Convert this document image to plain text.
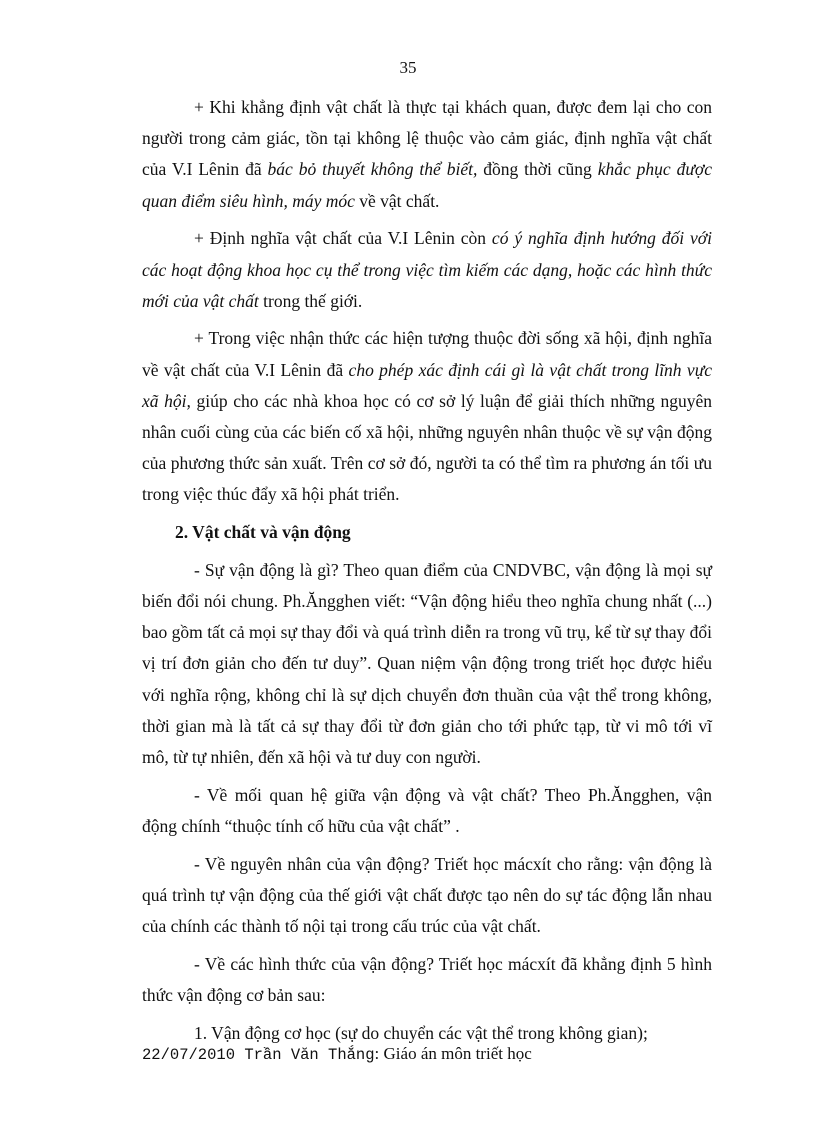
35

+ Khi khẳng định vật chất là thực tại khách quan, được đem lại cho con người trong cảm giác, tồn tại không lệ thuộc vào cảm giác, định nghĩa vật chất của V.I Lênin đã bác bỏ thuyết không thể biết, đồng thời cũng khắc phục được quan điểm siêu hình, máy móc về vật chất.

+ Định nghĩa vật chất của V.I Lênin còn có ý nghĩa định hướng đối với các hoạt động khoa học cụ thể trong việc tìm kiếm các dạng, hoặc các hình thức mới của vật chất trong thế giới.

+ Trong việc nhận thức các hiện tượng thuộc đời sống xã hội, định nghĩa về vật chất của V.I Lênin đã cho phép xác định cái gì là vật chất trong lĩnh vực xã hội, giúp cho các nhà khoa học có cơ sở lý luận để giải thích những nguyên nhân cuối cùng của các biến cố xã hội, những nguyên nhân thuộc về sự vận động của phương thức sản xuất. Trên cơ sở đó, người ta có thể tìm ra phương án tối ưu trong việc thúc đẩy xã hội phát triển.

2. Vật chất và vận động

- Sự vận động là gì? Theo quan điểm của CNDVBC, vận động là mọi sự biến đổi nói chung. Ph.Ăngghen viết: “Vận động hiểu theo nghĩa chung nhất (...) bao gồm tất cả mọi sự thay đổi và quá trình diễn ra trong vũ trụ, kể từ sự thay đổi vị trí đơn giản cho đến tư duy”. Quan niệm vận động trong triết học được hiểu với nghĩa rộng, không chỉ là sự dịch chuyển đơn thuần của vật thể trong không, thời gian mà là tất cả sự thay đổi từ đơn giản cho tới phức tạp, từ vi mô tới vĩ mô, từ tự nhiên, đến xã hội và tư duy con người.

- Về mối quan hệ giữa vận động và vật chất? Theo Ph.Ăngghen, vận động chính “thuộc tính cố hữu của vật chất” .

- Về nguyên nhân của vận động? Triết học mácxít cho rằng: vận động là quá trình tự vận động của thế giới vật chất được tạo nên do sự tác động lẫn nhau của chính các thành tố nội tại trong cấu trúc của vật chất.

- Về các hình thức của vận động? Triết học mácxít đã khẳng định 5 hình thức vận động cơ bản sau:

1. Vận động cơ học (sự do chuyển các vật thể trong không gian);

22/07/2010 Trần Văn Thắng: Giáo án môn triết học
